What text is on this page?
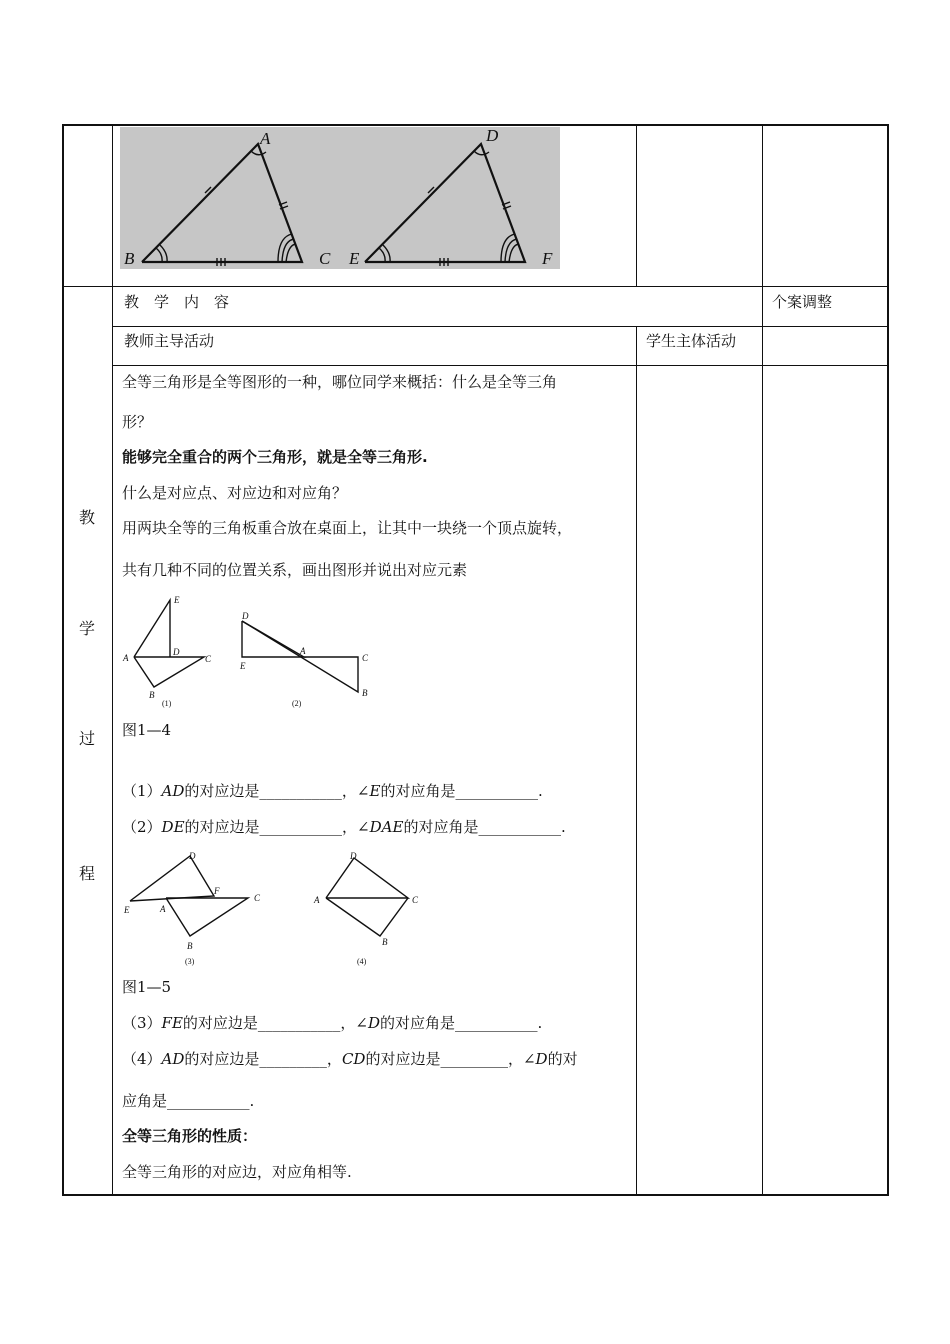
A
B	C
D
E	F
教　学　内　容	个案调整
教师主导活动	学生主体活动
教
学
过
程
全等三角形是全等图形的一种，哪位同学来概括：什么是全等三角
形？
能够完全重合的两个三角形，就是全等三角形.
什么是对应点、对应边和对应角？
用两块全等的三角板重合放在桌面上，让其中一块绕一个顶点旋转，
共有几种不同的位置关系，画出图形并说出对应元素
A
B
C
D
E
A
B
C
D
E
(1)	(2)
图1—4
（1）AD的对应边是___________，∠E的对应角是___________.
（2）DE的对应边是___________，∠DAE的对应角是___________.
A
B
C
D
E
F
A
B
C
D
(3)	(4)
图1—5
（3）FE的对应边是___________，∠D的对应角是___________.
（4）AD的对应边是_________，CD的对应边是_________，∠D的对
应角是___________.
全等三角形的性质：
全等三角形的对应边，对应角相等.
